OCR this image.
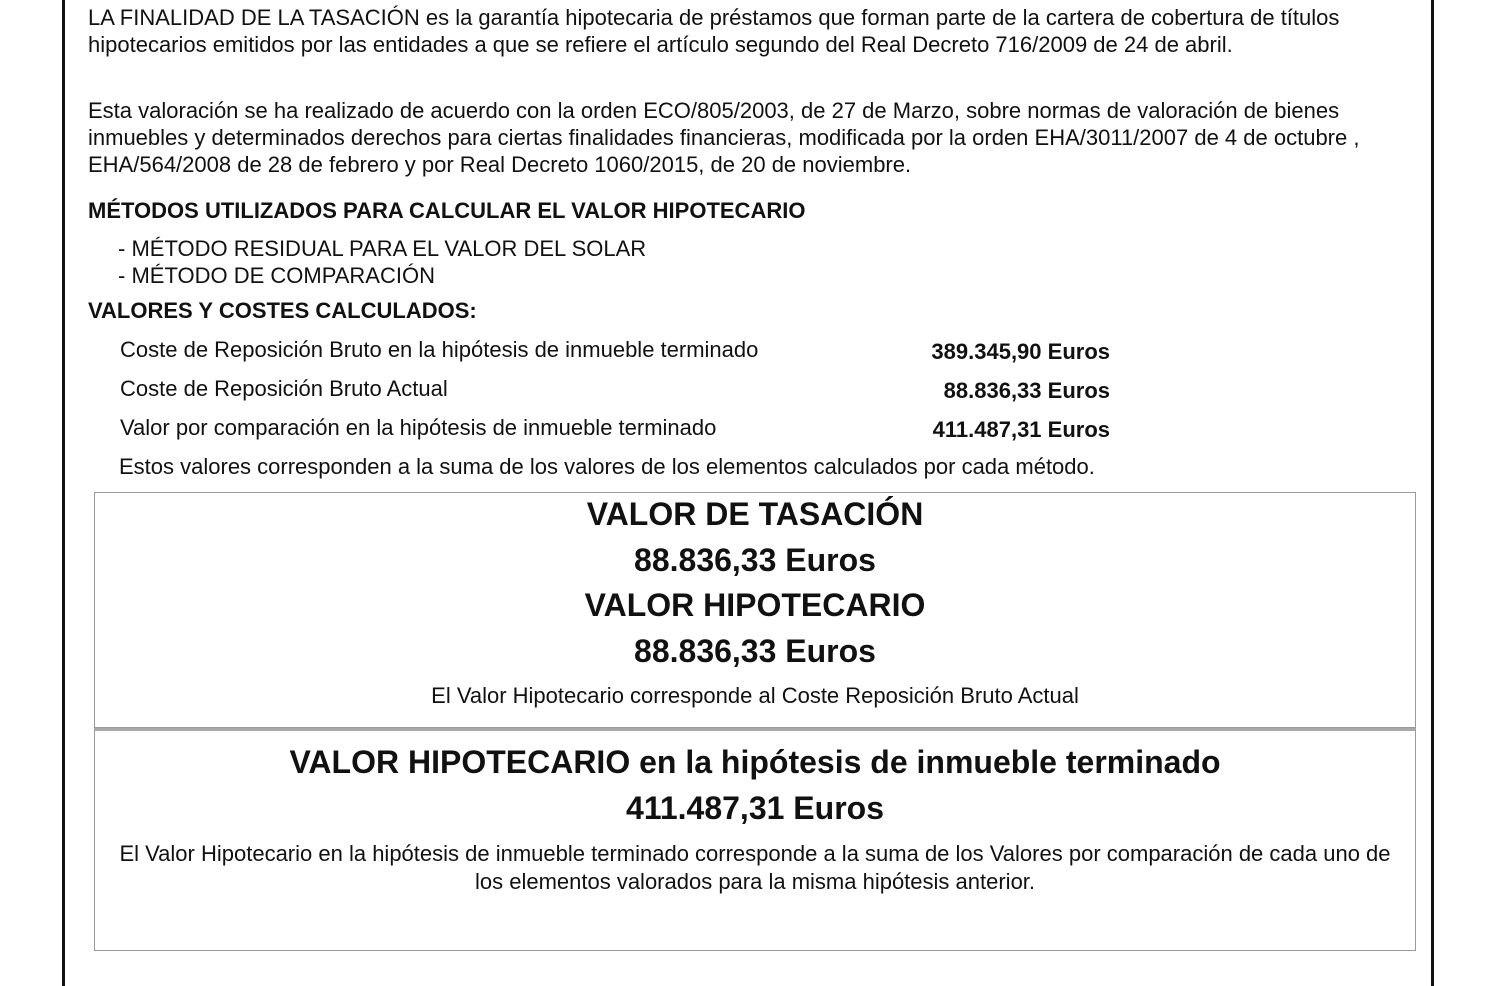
LA FINALIDAD DE LA TASACIÓN es la garantía hipotecaria de préstamos que forman parte de la cartera de cobertura de títulos hipotecarios emitidos por las entidades a que se refiere el artículo segundo del Real Decreto 716/2009 de 24 de abril.

Esta valoración se ha realizado de acuerdo con la orden ECO/805/2003, de 27 de Marzo, sobre normas de valoración de bienes inmuebles y determinados derechos para ciertas finalidades financieras, modificada por la orden EHA/3011/2007 de 4 de octubre , EHA/564/2008 de 28 de febrero y por Real Decreto 1060/2015, de 20 de noviembre.

MÉTODOS UTILIZADOS PARA CALCULAR EL VALOR HIPOTECARIO

- MÉTODO RESIDUAL PARA EL VALOR DEL SOLAR
- MÉTODO DE COMPARACIÓN

VALORES Y COSTES CALCULADOS:

Coste de Reposición Bruto en la hipótesis de inmueble terminado	389.345,90 Euros
Coste de Reposición Bruto Actual	88.836,33 Euros
Valor por comparación en la hipótesis de inmueble terminado	411.487,31 Euros
Estos valores corresponden a la suma de los valores de los elementos calculados por cada método.
VALOR DE TASACIÓN
88.836,33 Euros
VALOR HIPOTECARIO
88.836,33 Euros
El Valor Hipotecario corresponde al Coste Reposición Bruto Actual
VALOR HIPOTECARIO en la hipótesis de inmueble terminado
411.487,31 Euros
El Valor Hipotecario en la hipótesis de inmueble terminado corresponde a la suma de los Valores por comparación de cada uno de los elementos valorados para la misma hipótesis anterior.
